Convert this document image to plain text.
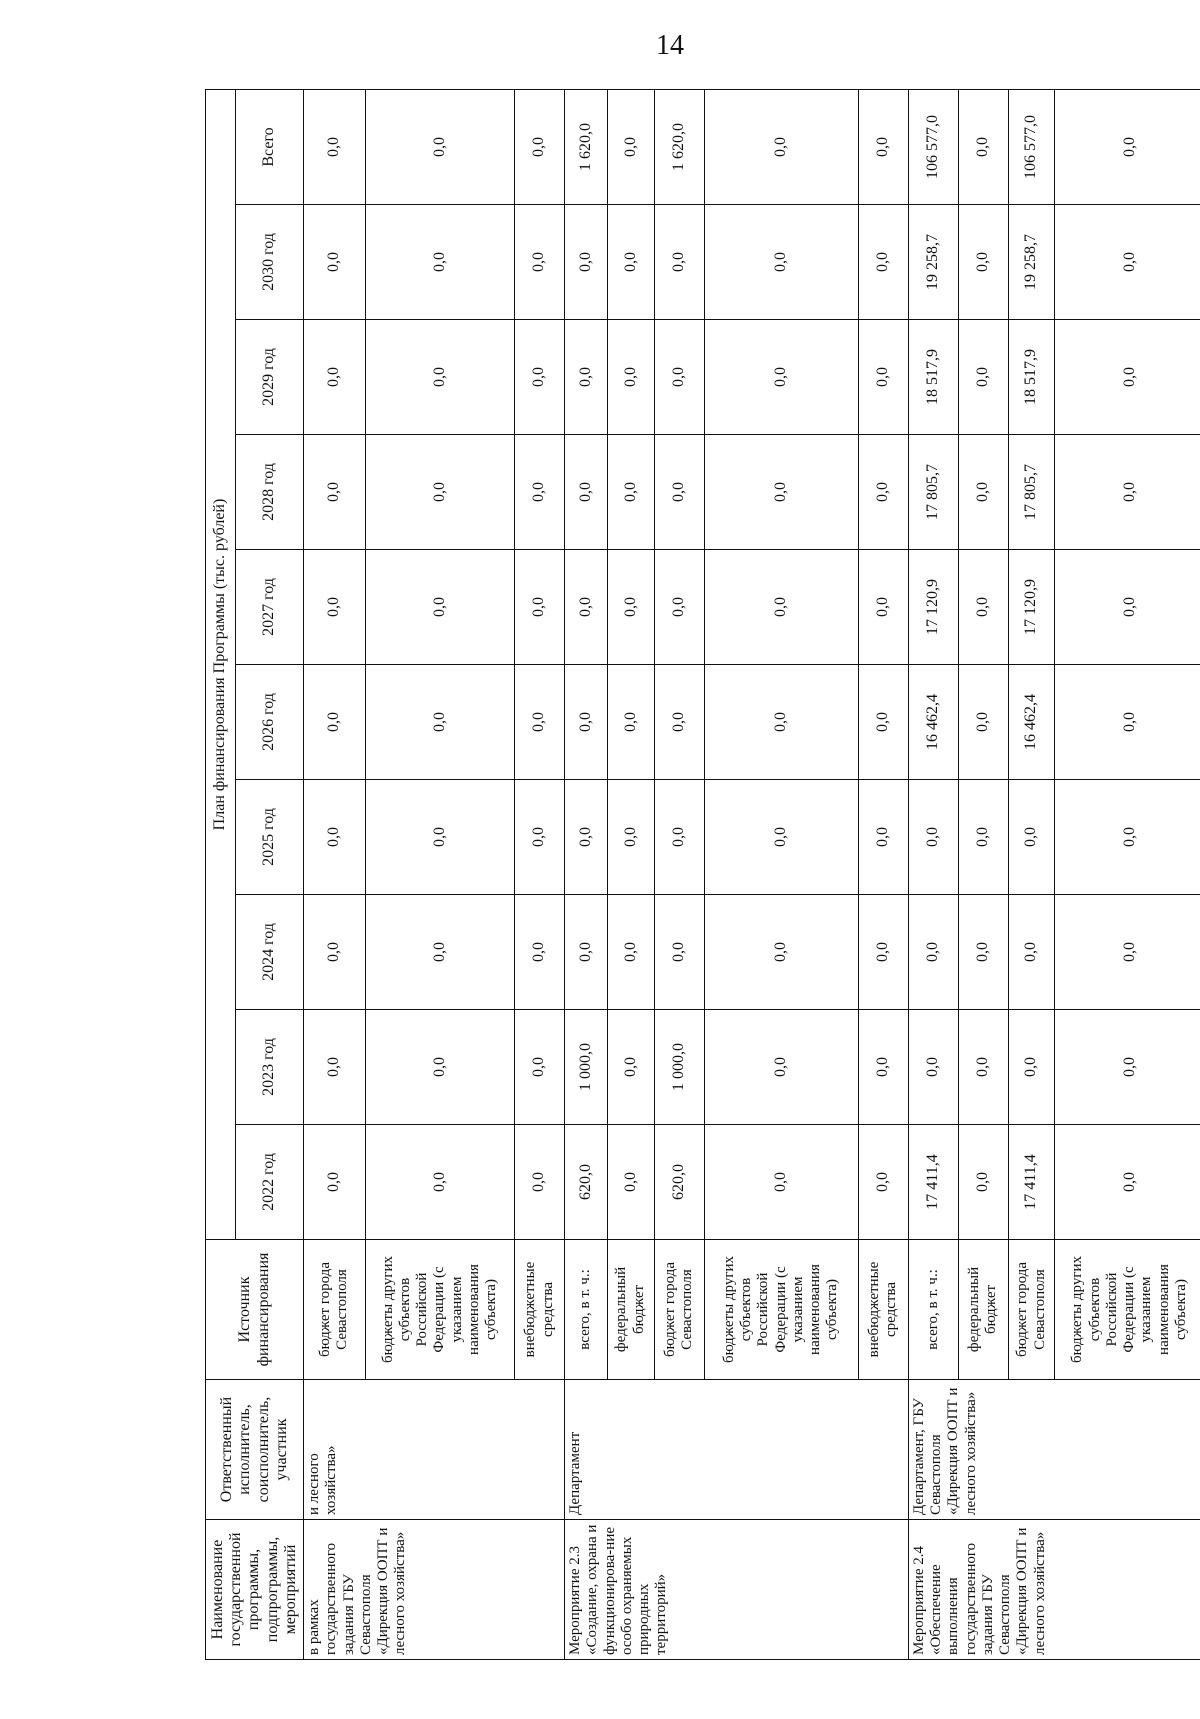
14
Наименование государственной программы, подпрограммы, мероприятий	Ответственный исполнитель, соисполнитель, участник	Источник финансирования	План финансирования Программы (тыс. рублей)									
			2022 год	2023 год	2024 год	2025 год	2026 год	2027 год	2028 год	2029 год	2030 год	Всего
в рамках государственного задания ГБУ Севастополя «Дирекция ООПТ и лесного хозяйства»	и лесного хозяйства»	бюджет города Севастополя	0,0	0,0	0,0	0,0	0,0	0,0	0,0	0,0	0,0	0,0
		бюджеты других субъектов Российской Федерации (с указанием наименования субъекта)	0,0	0,0	0,0	0,0	0,0	0,0	0,0	0,0	0,0	0,0
		внебюджетные средства	0,0	0,0	0,0	0,0	0,0	0,0	0,0	0,0	0,0	0,0
Мероприятие 2.3 «Создание, охрана и функционирова-ние особо охраняемых природных территорий»	Департамент	всего, в т. ч.:	620,0	1 000,0	0,0	0,0	0,0	0,0	0,0	0,0	0,0	1 620,0
		федеральный бюджет	0,0	0,0	0,0	0,0	0,0	0,0	0,0	0,0	0,0	0,0
		бюджет города Севастополя	620,0	1 000,0	0,0	0,0	0,0	0,0	0,0	0,0	0,0	1 620,0
		бюджеты других субъектов Российской Федерации (с указанием наименования субъекта)	0,0	0,0	0,0	0,0	0,0	0,0	0,0	0,0	0,0	0,0
		внебюджетные средства	0,0	0,0	0,0	0,0	0,0	0,0	0,0	0,0	0,0	0,0
Мероприятие 2.4 «Обеспечение выполнения государственного задания ГБУ Севастополя «Дирекция ООПТ и лесного хозяйства»	Департамент, ГБУ Севастополя «Дирекция ООПТ и лесного хозяйства»	всего, в т. ч.:	17 411,4	0,0	0,0	0,0	16 462,4	17 120,9	17 805,7	18 517,9	19 258,7	106 577,0
		федеральный бюджет	0,0	0,0	0,0	0,0	0,0	0,0	0,0	0,0	0,0	0,0
		бюджет города Севастополя	17 411,4	0,0	0,0	0,0	16 462,4	17 120,9	17 805,7	18 517,9	19 258,7	106 577,0
		бюджеты других субъектов Российской Федерации (с указанием наименования субъекта)	0,0	0,0	0,0	0,0	0,0	0,0	0,0	0,0	0,0	0,0
